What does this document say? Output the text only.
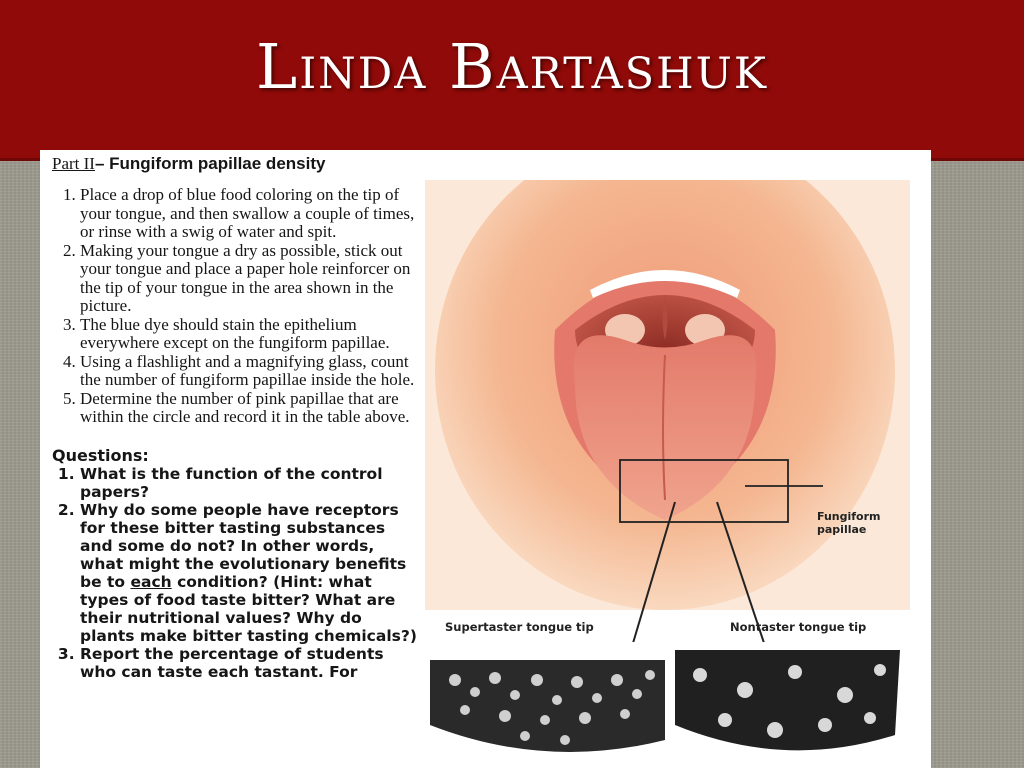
Linda Bartashuk
Part II– Fungiform papillae density
1. Place a drop of blue food coloring on the tip of your tongue, and then swallow a couple of times, or rinse with a swig of water and spit.
2. Making your tongue a dry as possible, stick out your tongue and place a paper hole reinforcer on the tip of your tongue in the area shown in the picture.
3. The blue dye should stain the epithelium everywhere except on the fungiform papillae.
4. Using a flashlight and a magnifying glass, count the number of fungiform papillae inside the hole.
5. Determine the number of pink papillae that are within the circle and record it in the table above.
Questions:
1. What is the function of the control papers?
2. Why do some people have receptors for these bitter tasting substances and some do not? In other words, what might the evolutionary benefits be to each condition? (Hint: what types of food taste bitter? What are their nutritional values? Why do plants make bitter tasting chemicals?)
3. Report the percentage of students who can taste each tastant. For
Fungiform papillae
Supertaster tongue tip	Nontaster tongue tip
